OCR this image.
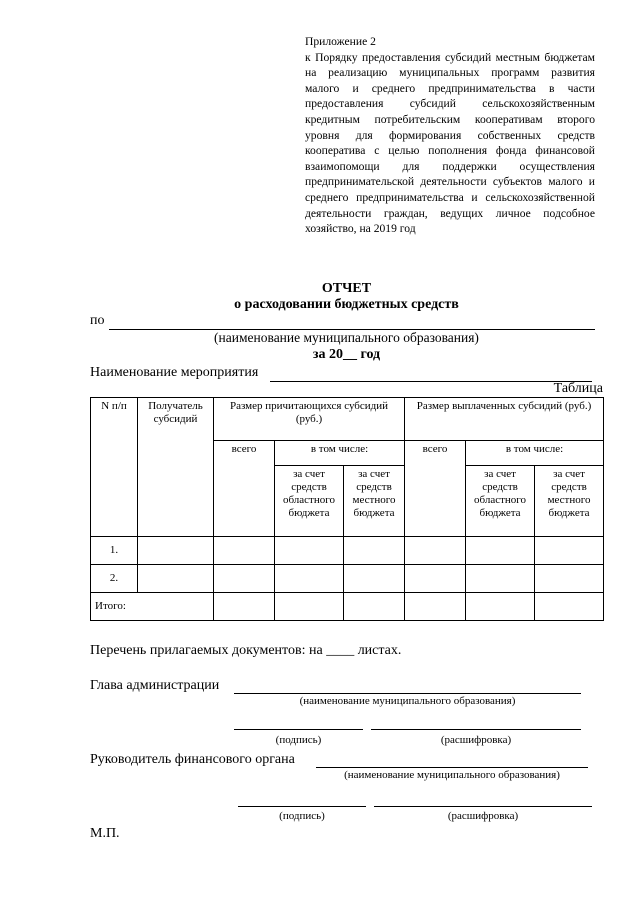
Приложение 2
к Порядку предоставления субсидий местным бюджетам на реализацию муниципальных программ развития малого и среднего предпринимательства в части предоставления субсидий сельскохозяйственным кредитным потребительским кооперативам второго уровня для формирования собственных средств кооператива с целью пополнения фонда финансовой взаимопомощи для поддержки осуществления предпринимательской деятельности субъектов малого и среднего предпринимательства и сельскохозяйственной деятельности граждан, ведущих личное подсобное хозяйство, на 2019 год
ОТЧЕТ
о расходовании бюджетных средств
по
(наименование муниципального образования)
за 20__ год
Наименование мероприятия
Таблица
N п/п	Получатель субсидий	Размер причитающихся субсидий (руб.)			Размер выплаченных субсидий (руб.)		
		всего	в том числе:		всего	в том числе:	
			за счет средств областного бюджета	за счет средств местного бюджета		за счет средств областного бюджета	за счет средств местного бюджета
1.							
2.							
Итого:							
Перечень прилагаемых документов: на ____ листах.
Глава администрации
(наименование муниципального образования)
(подпись)	(расшифровка)
Руководитель финансового органа
(наименование муниципального образования)
(подпись)	(расшифровка)
М.П.
